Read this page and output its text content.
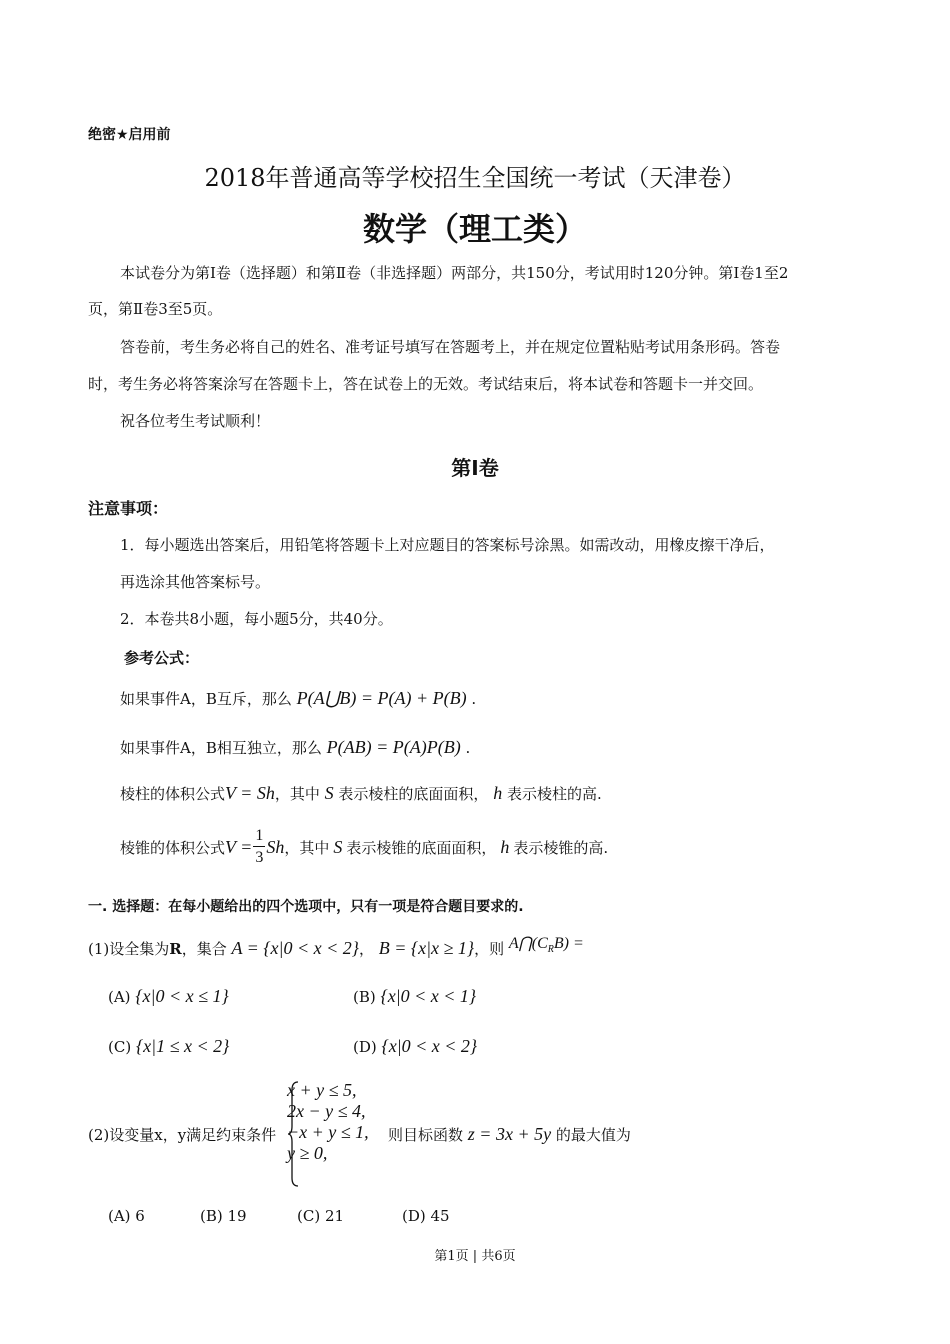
绝密★启用前
2018年普通高等学校招生全国统一考试（天津卷）
数学（理工类）
本试卷分为第Ⅰ卷（选择题）和第Ⅱ卷（非选择题）两部分，共150分，考试用时120分钟。第Ⅰ卷1至2
页，第Ⅱ卷3至5页。
答卷前，考生务必将自己的姓名、准考证号填写在答题考上，并在规定位置粘贴考试用条形码。答卷
时，考生务必将答案涂写在答题卡上，答在试卷上的无效。考试结束后，将本试卷和答题卡一并交回。
祝各位考生考试顺利！
第Ⅰ卷
注意事项：
1．每小题选出答案后，用铅笔将答题卡上对应题目的答案标号涂黑。如需改动，用橡皮擦干净后，
再选涂其他答案标号。
2．本卷共8小题，每小题5分，共40分。
参考公式：
如果事件A，B互斥，那么 P(A⋃B) = P(A) + P(B) .
如果事件A，B相互独立，那么 P(AB) = P(A)P(B) .
棱柱的体积公式V = Sh，其中 S 表示棱柱的底面面积， h 表示棱柱的高.
棱锥的体积公式 $V = \frac{1}{3}$ Sh ，其中 S 表示棱锥的底面面积， h 表示棱锥的高.
一. 选择题：在每小题给出的四个选项中，只有一项是符合题目要求的.
(1)设全集为R，集合 A = {x|0 < x < 2}， B = {x|x ≥ 1}，则 $A⋂(C_RB)$ =
(A) {x|0 < x ≤ 1}	(B) {x|0 < x < 1}
(C) {x|1 ≤ x < 2}	(D) {x|0 < x < 2}
(2)设变量x，y满足约束条件
x + y ≤ 5,
2x − y ≤ 4,
−x + y ≤ 1,
y ≥ 0,
则目标函数 z = 3x + 5y 的最大值为
(A) 6	(B) 19	(C) 21	(D) 45
第1页 | 共6页
